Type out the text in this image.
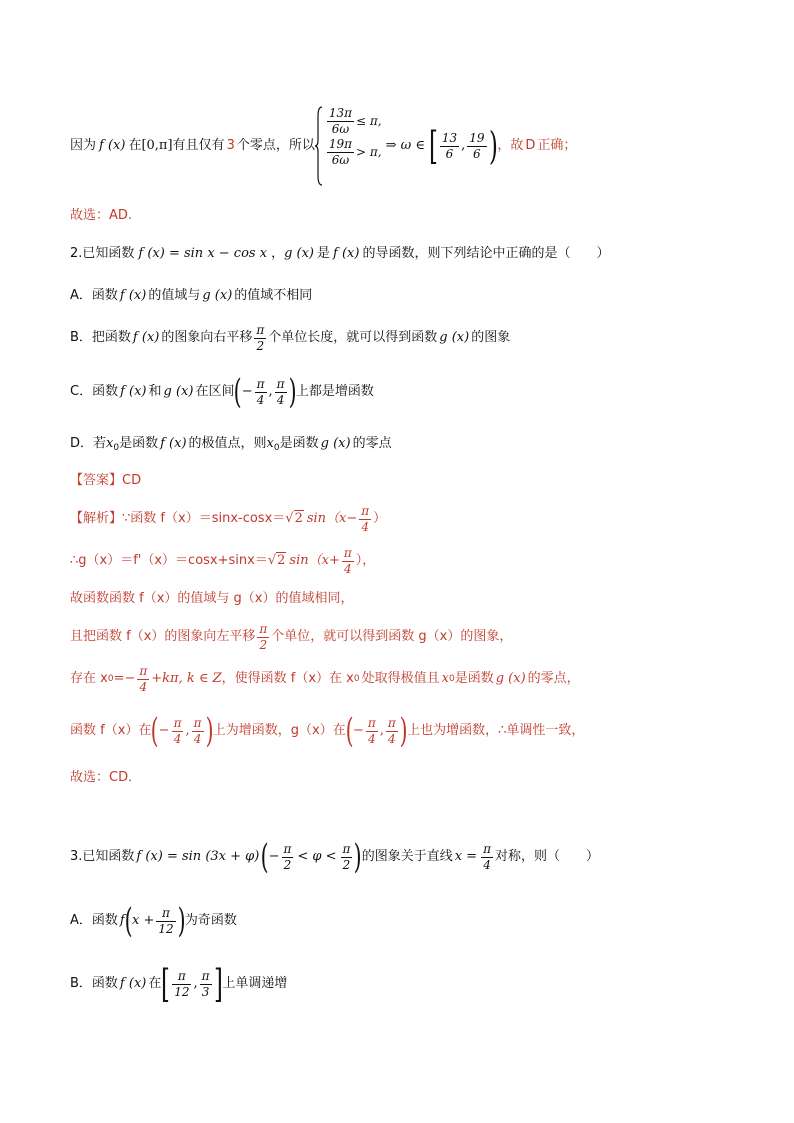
因为 f (x) 在 [0,π] 有且仅有 3 个零点，所以
$\frac{13\pi}{6\omega} \le \pi$,
$\frac{19\pi}{6\omega} > \pi$, ⇒ ω ∈ [ $\frac{13}{6}$ , $\frac{19}{6}$ ) ，故 D 正确；
故选：AD.
2.已知函数 f (x) = sin x − cos x ，g (x) 是 f (x) 的导函数，则下列结论中正确的是（　　）
A．函数 f (x) 的值域与 g (x) 的值域不相同
B．把函数 f (x) 的图象向右平移 $\frac{\pi}{2}$ 个单位长度，就可以得到函数 g (x) 的图象
C．函数 f (x) 和 g (x) 在区间 ( − $\frac{\pi}{4}$ , $\frac{\pi}{4}$ ) 上都是增函数
D．若$x_0$是函数 f (x) 的极值点，则$x_0$是函数 g (x) 的零点
【答案】CD
【解析】 ∵函数 f（x）＝sinx-cosx＝ √2 $\sin(x- \frac{\pi}{4}$ ）
∴g（x）＝f'（x）＝cosx+sinx＝ √2 $\sin(x+ \frac{\pi}{4}$ ），
故函数函数 f（x）的值域与 g（x）的值域相同，
且把函数 f（x）的图象向左平移 $\frac{\pi}{2}$ 个单位，就可以得到函数 g（x）的图象，
存在 x $0 =- \frac{\pi}{4} +k\pi$, k ∈ Z ，使得函数 f（x）在 x 0 处取得极值且 x 0 是函数 g (x) 的零点，
函数 f（x）在 ( − $\frac{\pi}{4}$ , $\frac{\pi}{4}$ ) 上为增函数，g（x）在 ( − $\frac{\pi}{4}$ , $\frac{\pi}{4}$ ) 上也为增函数，∴单调性一致，
故选：CD．
3.已知函数 f (x) = sin (3x + φ) ( − $\frac{\pi}{2} < \varphi < \frac{\pi}{2}$ ) 的图象关于直线 $x = \frac{\pi}{4}$ 对称，则（　　）
A．函数 f ( $x + \frac{\pi}{12}$ ) 为奇函数
B．函数 f (x) 在 [ $\frac{\pi}{12}$ , $\frac{\pi}{3}$ ] 上单调递增
